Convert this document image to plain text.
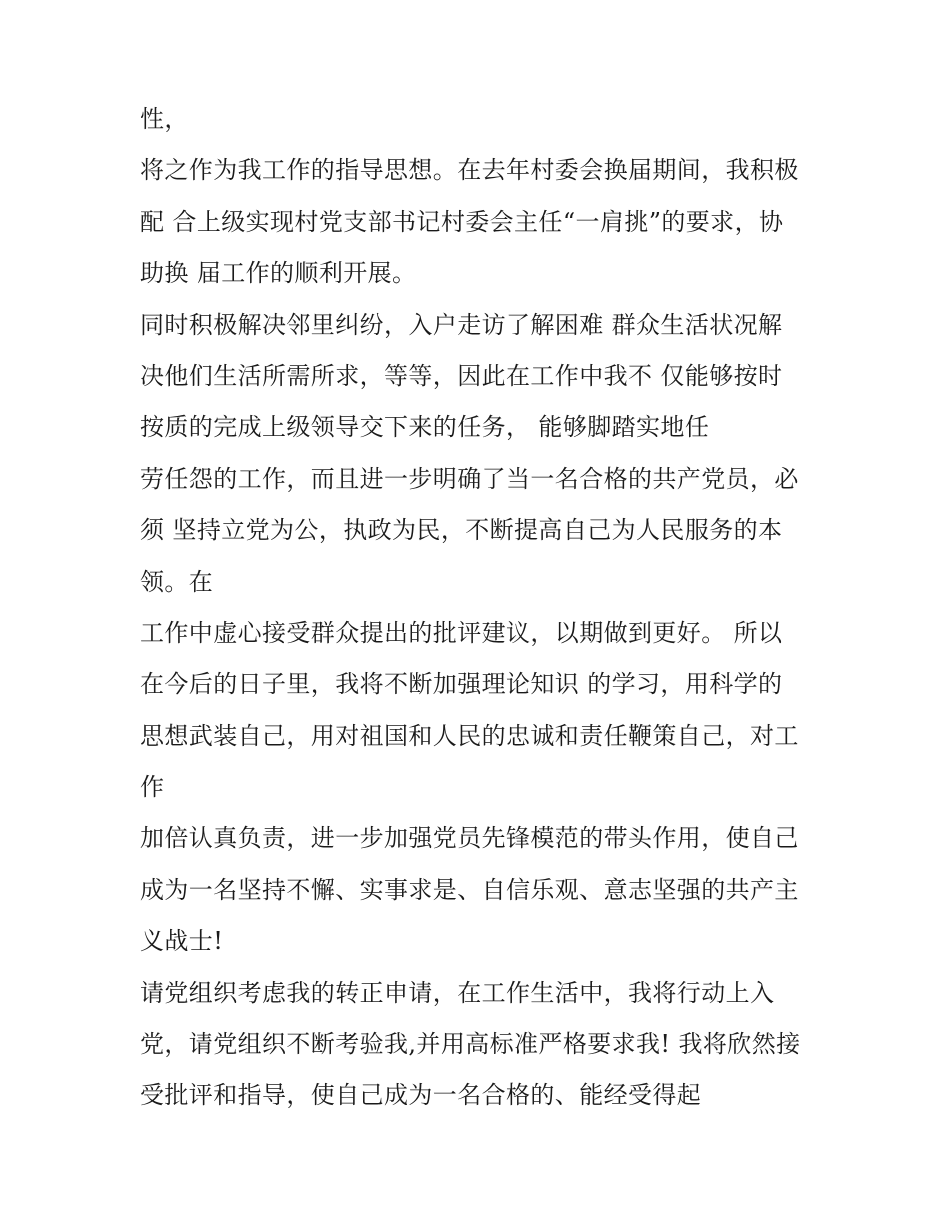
性，
将之作为我工作的指导思想。在去年村委会换届期间，我积极
配 合上级实现村党支部书记村委会主任“一肩挑”的要求，协
助换 届工作的顺利开展。
同时积极解决邻里纠纷，入户走访了解困难 群众生活状况解
决他们生活所需所求，等等，因此在工作中我不 仅能够按时
按质的完成上级领导交下来的任务， 能够脚踏实地任
劳任怨的工作，而且进一步明确了当一名合格的共产党员，必
须 坚持立党为公，执政为民，不断提高自己为人民服务的本
领。在
工作中虚心接受群众提出的批评建议，以期做到更好。 所以
在今后的日子里，我将不断加强理论知识 的学习，用科学的
思想武装自己，用对祖国和人民的忠诚和责任鞭策自己，对工
作
加倍认真负责，进一步加强党员先锋模范的带头作用，使自己
成为一名坚持不懈、实事求是、自信乐观、意志坚强的共产主
义战士!
请党组织考虑我的转正申请，在工作生活中，我将行动上入
党，请党组织不断考验我,并用高标准严格要求我! 我将欣然接
受批评和指导，使自己成为一名合格的、能经受得起
